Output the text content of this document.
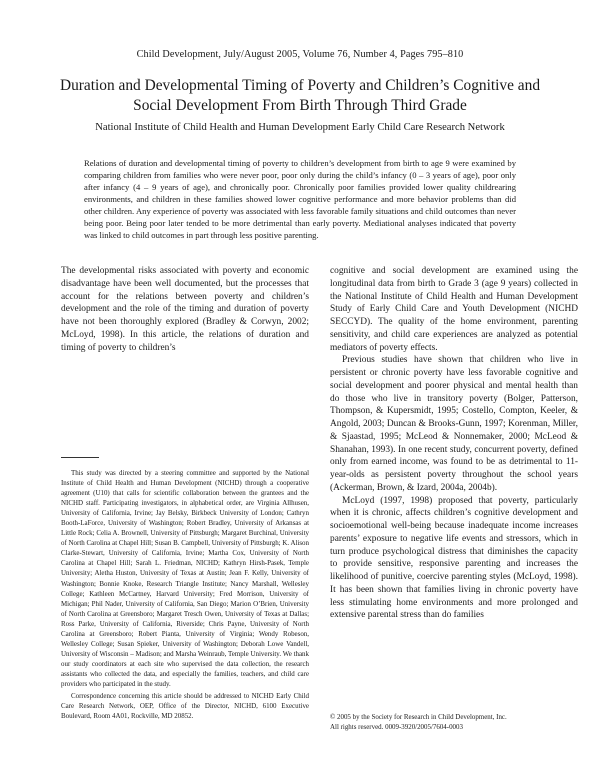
Child Development, July/August 2005, Volume 76, Number 4, Pages 795–810
Duration and Developmental Timing of Poverty and Children’s Cognitive and Social Development From Birth Through Third Grade
National Institute of Child Health and Human Development Early Child Care Research Network
Relations of duration and developmental timing of poverty to children’s development from birth to age 9 were examined by comparing children from families who were never poor, poor only during the child’s infancy (0 – 3 years of age), poor only after infancy (4 – 9 years of age), and chronically poor. Chronically poor families provided lower quality childrearing environments, and children in these families showed lower cognitive performance and more behavior problems than did other children. Any experience of poverty was associated with less favorable family situations and child outcomes than never being poor. Being poor later tended to be more detrimental than early poverty. Mediational analyses indicated that poverty was linked to child outcomes in part through less positive parenting.

The developmental risks associated with poverty and economic disadvantage have been well documented, but the processes that account for the relations between poverty and children’s development and the role of the timing and duration of poverty have not been thoroughly explored (Bradley & Corwyn, 2002; McLoyd, 1998). In this article, the relations of duration and timing of poverty to children’s

cognitive and social development are examined using the longitudinal data from birth to Grade 3 (age 9 years) collected in the National Institute of Child Health and Human Development Study of Early Child Care and Youth Development (NICHD SECCYD). The quality of the home environment, parenting sensitivity, and child care experiences are analyzed as potential mediators of poverty effects.

Previous studies have shown that children who live in persistent or chronic poverty have less favorable cognitive and social development and poorer physical and mental health than do those who live in transitory poverty (Bolger, Patterson, Thompson, & Kupersmidt, 1995; Costello, Compton, Keeler, & Angold, 2003; Duncan & Brooks-Gunn, 1997; Korenman, Miller, & Sjaastad, 1995; McLeod & Nonnemaker, 2000; McLeod & Shanahan, 1993). In one recent study, concurrent poverty, defined only from earned income, was found to be as detrimental to 11-year-olds as persistent poverty throughout the school years (Ackerman, Brown, & Izard, 2004a, 2004b).

McLoyd (1997, 1998) proposed that poverty, particularly when it is chronic, affects children’s cognitive development and socioemotional well-being because inadequate income increases parents’ exposure to negative life events and stressors, which in turn produce psychological distress that diminishes the capacity to provide sensitive, responsive parenting and increases the likelihood of punitive, coercive parenting styles (McLoyd, 1998). It has been shown that families living in chronic poverty have less stimulating home environments and more prolonged and extensive parental stress than do families

This study was directed by a steering committee and supported by the National Institute of Child Health and Human Development (NICHD) through a cooperative agreement (U10) that calls for scientific collaboration between the grantees and the NICHD staff. Participating investigators, in alphabetical order, are Virginia Allhusen, University of California, Irvine; Jay Belsky, Birkbeck University of London; Cathryn Booth-LaForce, University of Washington; Robert Bradley, University of Arkansas at Little Rock; Celia A. Brownell, University of Pittsburgh; Margaret Burchinal, University of North Carolina at Chapel Hill; Susan B. Campbell, University of Pittsburgh; K. Alison Clarke-Stewart, University of California, Irvine; Martha Cox, University of North Carolina at Chapel Hill; Sarah L. Friedman, NICHD; Kathryn Hirsh-Pasek, Temple University; Aletha Huston, University of Texas at Austin; Jean F. Kelly, University of Washington; Bonnie Knoke, Research Triangle Institute; Nancy Marshall, Wellesley College; Kathleen McCartney, Harvard University; Fred Morrison, University of Michigan; Phil Nader, University of California, San Diego; Marion O’Brien, University of North Carolina at Greensboro; Margaret Tresch Owen, University of Texas at Dallas; Ross Parke, University of California, Riverside; Chris Payne, University of North Carolina at Greensboro; Robert Pianta, University of Virginia; Wendy Robeson, Wellesley College; Susan Spieker, University of Washington; Deborah Lowe Vandell, University of Wisconsin – Madison; and Marsha Weinraub, Temple University. We thank our study coordinators at each site who supervised the data collection, the research assistants who collected the data, and especially the families, teachers, and child care providers who participated in the study.

Correspondence concerning this article should be addressed to NICHD Early Child Care Research Network, OEP, Office of the Director, NICHD, 6100 Executive Boulevard, Room 4A01, Rockville, MD 20852.	© 2005 by the Society for Research in Child Development, Inc.
All rights reserved. 0009-3920/2005/7604-0003
